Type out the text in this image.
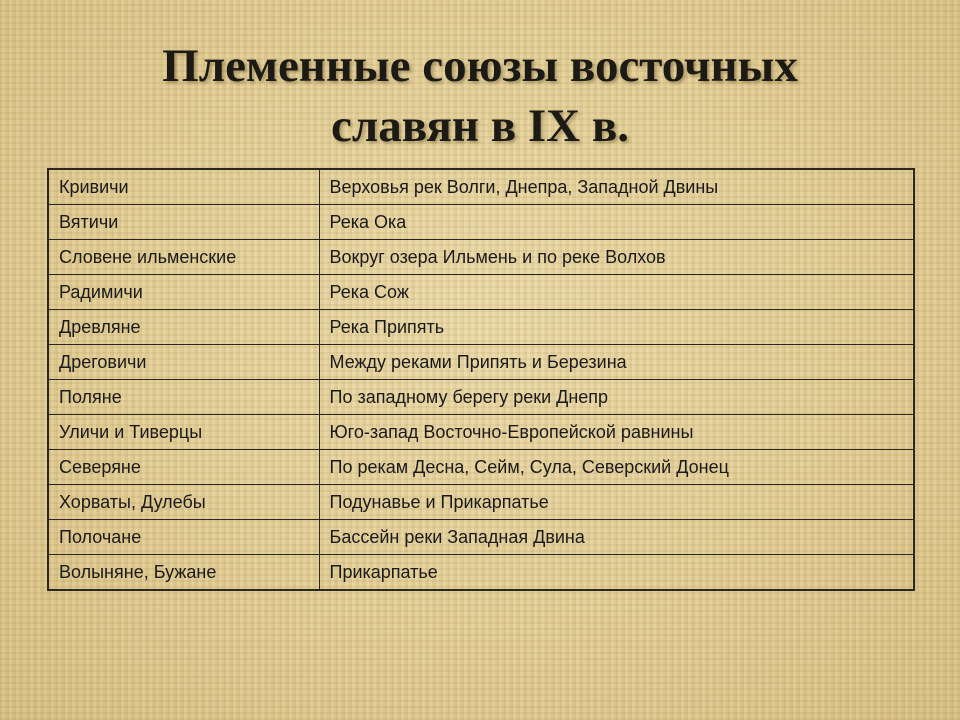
Племенные союзы восточных
славян в IX в.
Кривичи	Верховья рек Волги, Днепра, Западной Двины
Вятичи	Река Ока
Словене ильменские	Вокруг озера Ильмень и по реке Волхов
Радимичи	Река Сож
Древляне	Река Припять
Дреговичи	Между реками Припять и Березина
Поляне	По западному берегу реки Днепр
Уличи и Тиверцы	Юго-запад Восточно-Европейской равнины
Северяне	По рекам Десна, Сейм, Сула, Северский Донец
Хорваты, Дулебы	Подунавье и Прикарпатье
Полочане	Бассейн реки Западная Двина
Волыняне, Бужане	Прикарпатье
